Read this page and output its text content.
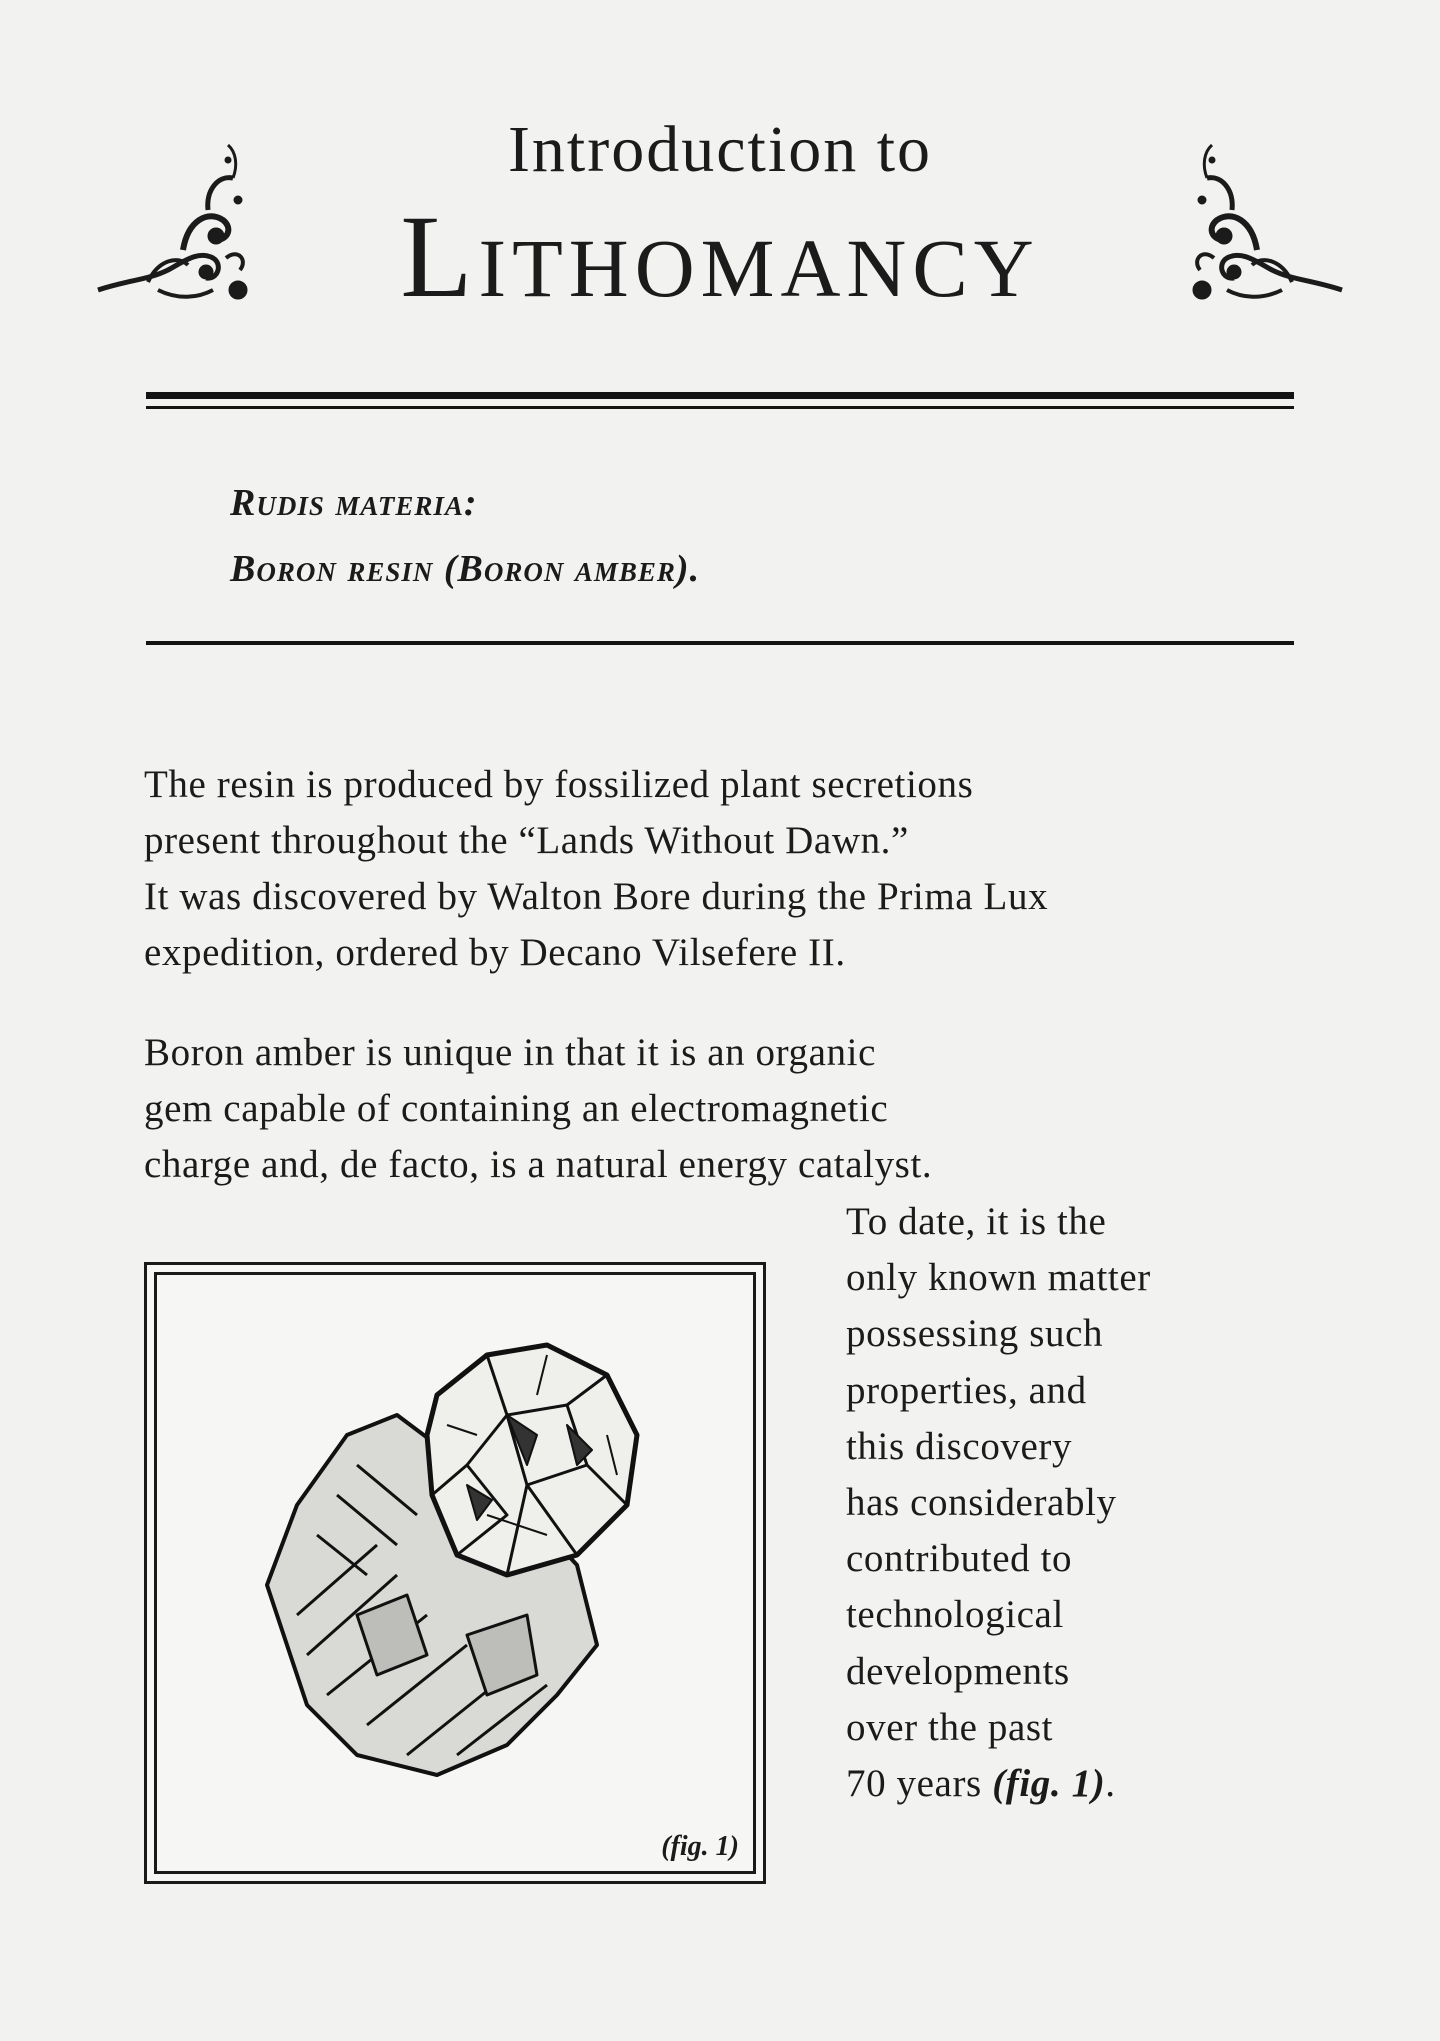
Introduction to
Lithomancy
Rudis materia:
Boron resin (Boron amber).
The resin is produced by fossilized plant secretions
present throughout the “Lands Without Dawn.”
It was discovered by Walton Bore during the Prima Lux
expedition, ordered by Decano Vilsefere II.
Boron amber is unique in that it is an organic
gem capable of containing an electromagnetic
charge and, de facto, is a natural energy catalyst.
To date, it is the
only known matter
possessing such
properties, and
this discovery
has considerably
contributed to
technological
developments
over the past
70 years (fig. 1).
(fig. 1)
